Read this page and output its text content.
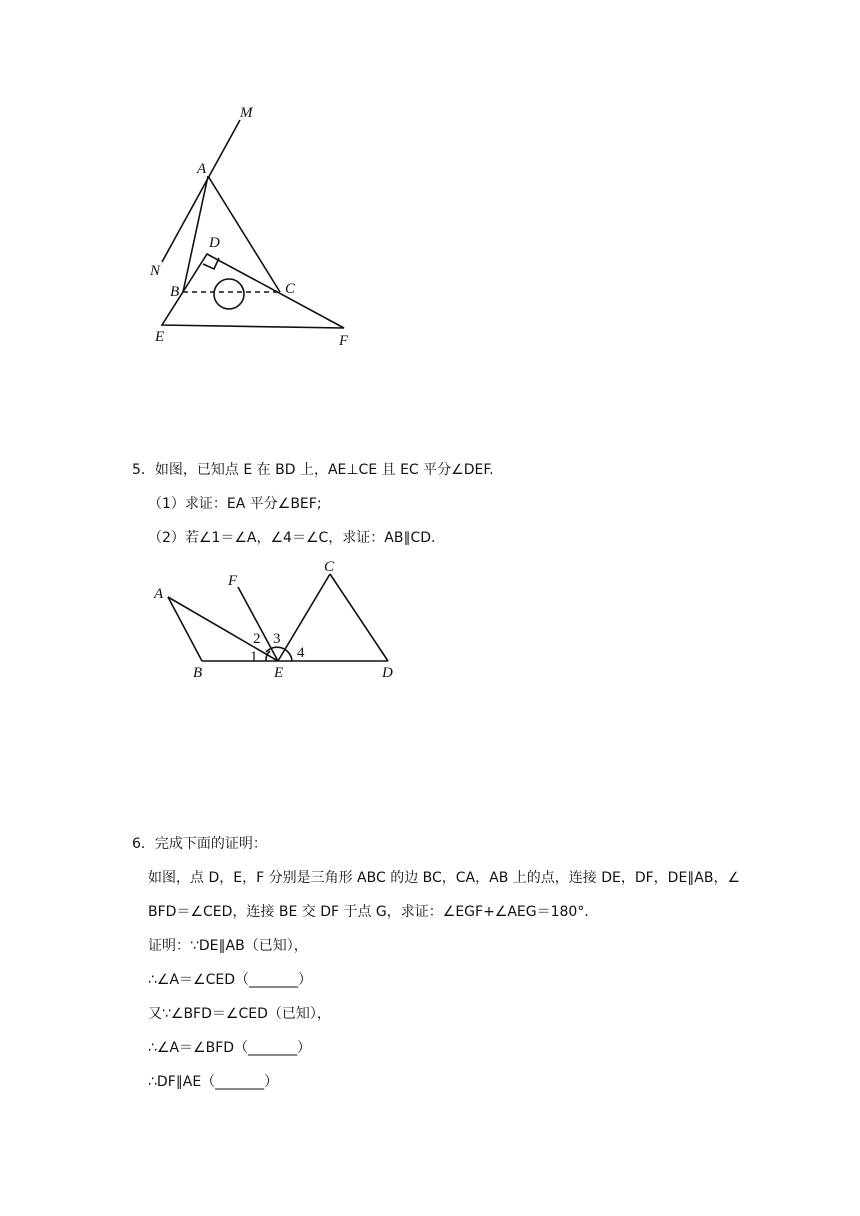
M
A
N
D
B	C
E	F
5．如图，已知点 E 在 BD 上，AE⊥CE 且 EC 平分∠DEF.
（1）求证：EA 平分∠BEF;
（2）若∠1＝∠A，∠4＝∠C，求证：AB∥CD.
A
F
C
B	E	D
1
2 3
4
6．完成下面的证明：
如图，点 D，E，F 分别是三角形 ABC 的边 BC，CA，AB 上的点，连接 DE，DF，DE∥AB，∠
BFD＝∠CED，连接 BE 交 DF 于点 G，求证：∠EGF+∠AEG＝180°．
证明：∵DE∥AB（已知），
∴∠A＝∠CED（_______）
又∵∠BFD＝∠CED（已知），
∴∠A＝∠BFD（_______）
∴DF∥AE（_______）
